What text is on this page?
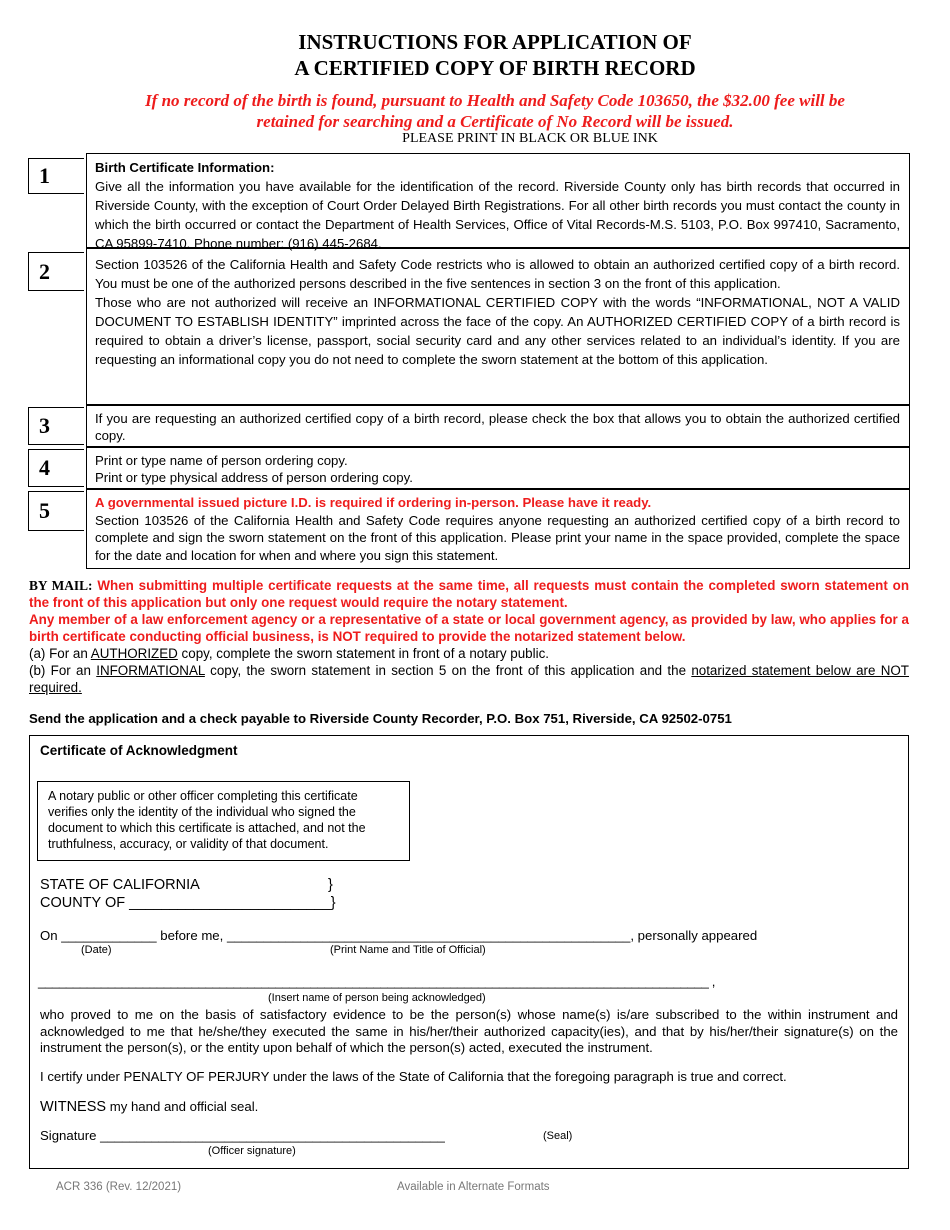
INSTRUCTIONS FOR APPLICATION OF
A CERTIFIED COPY OF BIRTH RECORD
If no record of the birth is found, pursuant to Health and Safety Code 103650, the $32.00 fee will be
retained for searching and a Certificate of No Record will be issued.
PLEASE PRINT IN BLACK OR BLUE INK
1	Birth Certificate Information:

Give all the information you have available for the identification of the record. Riverside County only has birth records that occurred in Riverside County, with the exception of Court Order Delayed Birth Registrations. For all other birth records you must contact the county in which the birth occurred or contact the Department of Health Services, Office of Vital Records-M.S. 5103, P.O. Box 997410, Sacramento, CA 95899-7410. Phone number: (916) 445-2684.

2	Section 103526 of the California Health and Safety Code restricts who is allowed to obtain an authorized certified copy of a birth record. You must be one of the authorized persons described in the five sentences in section 3 on the front of this application.

Those who are not authorized will receive an INFORMATIONAL CERTIFIED COPY with the words “INFORMATIONAL, NOT A VALID DOCUMENT TO ESTABLISH IDENTITY” imprinted across the face of the copy. An AUTHORIZED CERTIFIED COPY of a birth record is required to obtain a driver’s license, passport, social security card and any other services related to an individual’s identity. If you are requesting an informational copy you do not need to complete the sworn statement at the bottom of this application.

3	If you are requesting an authorized certified copy of a birth record, please check the box that allows you to obtain the authorized certified copy.

4	Print or type name of person ordering copy.

Print or type physical address of person ordering copy.

5	A governmental issued picture I.D. is required if ordering in-person. Please have it ready.

Section 103526 of the California Health and Safety Code requires anyone requesting an authorized certified copy of a birth record to complete and sign the sworn statement on the front of this application. Please print your name in the space provided, complete the space for the date and location for when and where you sign this statement.

BY MAIL: When submitting multiple certificate requests at the same time, all requests must contain the completed sworn statement on the front of this application but only one request would require the notary statement.

Any member of a law enforcement agency or a representative of a state or local government agency, as provided by law, who applies for a birth certificate conducting official business, is NOT required to provide the notarized statement below.

(a) For an AUTHORIZED copy, complete the sworn statement in front of a notary public.

(b) For an INFORMATIONAL copy, the sworn statement in section 5 on the front of this application and the notarized statement below are NOT required.

Send the application and a check payable to Riverside County Recorder, P.O. Box 751, Riverside, CA 92502-0751
Certificate of Acknowledgment
A notary public or other officer completing this certificate verifies only the identity of the individual who signed the document to which this certificate is attached, and not the truthfulness, accuracy, or validity of that document.
STATE OF CALIFORNIA	}
COUNTY OF _________________________}
On _____________ before me, _______________________________________________________, personally appeared
(Date)	(Print Name and Title of Official)
________________________________________________________________________________________________ ,
(Insert name of person being acknowledged)
who proved to me on the basis of satisfactory evidence to be the person(s) whose name(s) is/are subscribed to the within instrument and acknowledged to me that he/she/they executed the same in his/her/their authorized capacity(ies), and that by his/her/their signature(s) on the instrument the person(s), or the entity upon behalf of which the person(s) acted, executed the instrument.
I certify under PENALTY OF PERJURY under the laws of the State of California that the foregoing paragraph is true and correct.
WITNESS my hand and official seal.
Signature _______________________________________________	(Seal)
(Officer signature)
ACR 336 (Rev. 12/2021)	Available in Alternate Formats
